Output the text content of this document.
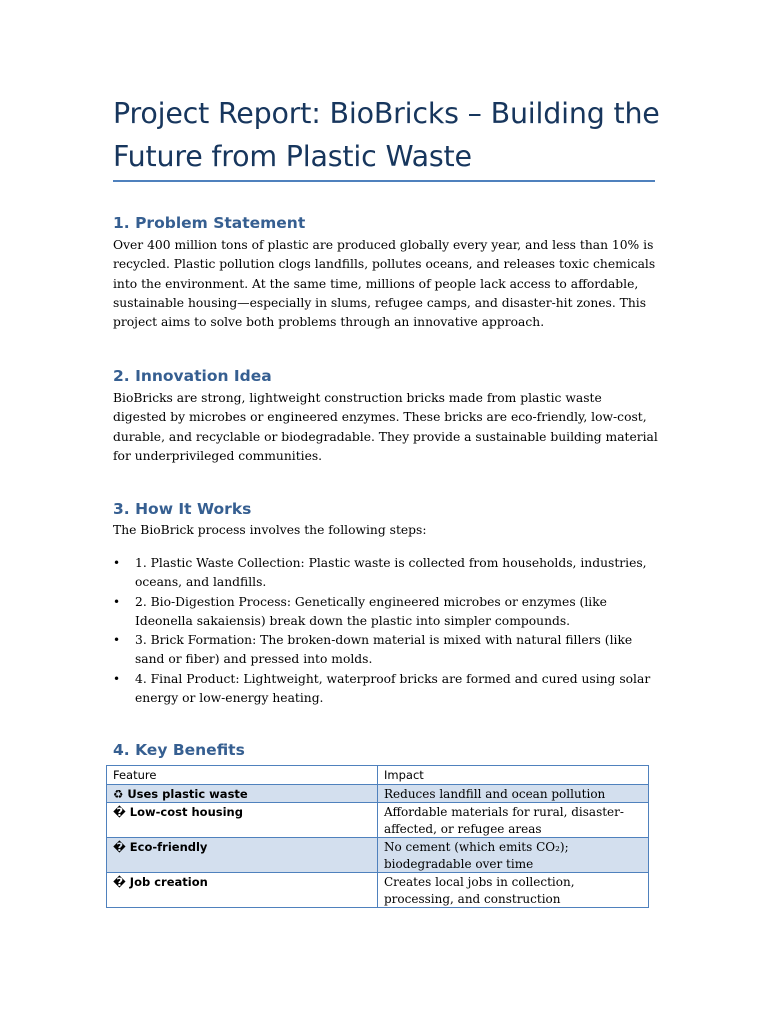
Project Report: BioBricks – Building the Future from Plastic Waste
1. Problem Statement
Over 400 million tons of plastic are produced globally every year, and less than 10% is recycled. Plastic pollution clogs landfills, pollutes oceans, and releases toxic chemicals into the environment. At the same time, millions of people lack access to affordable, sustainable housing—especially in slums, refugee camps, and disaster-hit zones. This project aims to solve both problems through an innovative approach.
2. Innovation Idea
BioBricks are strong, lightweight construction bricks made from plastic waste digested by microbes or engineered enzymes. These bricks are eco-friendly, low-cost, durable, and recyclable or biodegradable. They provide a sustainable building material for underprivileged communities.
3. How It Works
The BioBrick process involves the following steps:
• 1. Plastic Waste Collection: Plastic waste is collected from households, industries, oceans, and landfills.
• 2. Bio-Digestion Process: Genetically engineered microbes or enzymes (like Ideonella sakaiensis) break down the plastic into simpler compounds.
• 3. Brick Formation: The broken-down material is mixed with natural fillers (like sand or fiber) and pressed into molds.
• 4. Final Product: Lightweight, waterproof bricks are formed and cured using solar energy or low-energy heating.
4. Key Benefits
Feature	Impact
♻ Uses plastic waste	Reduces landfill and ocean pollution
� Low-cost housing	Affordable materials for rural, disaster-affected, or refugee areas
� Eco-friendly	No cement (which emits CO₂); biodegradable over time
� Job creation	Creates local jobs in collection, processing, and construction
